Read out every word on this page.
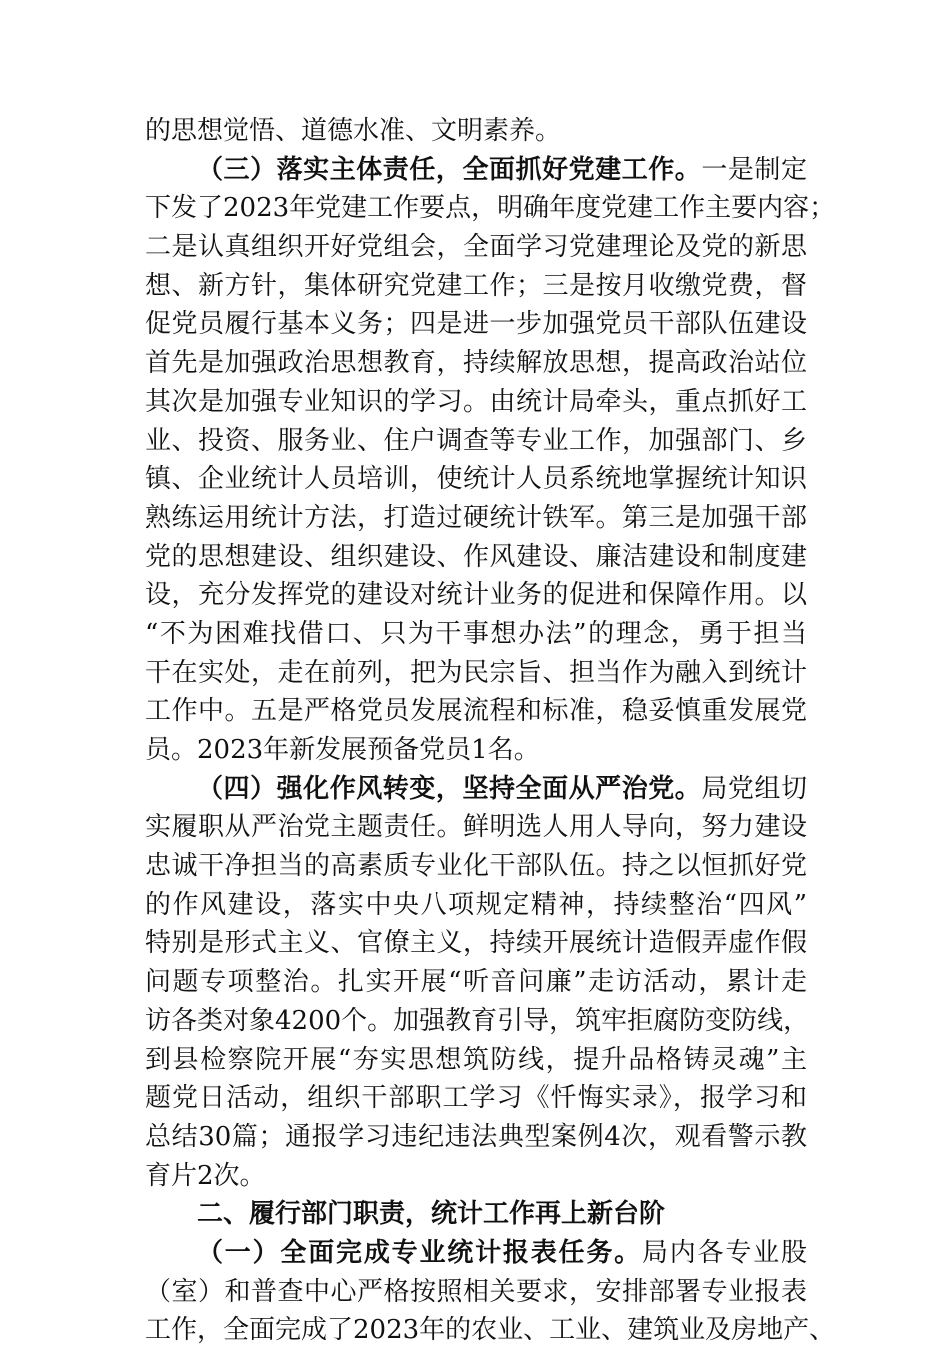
的思想觉悟、道德水准、文明素养。
（三）落实主体责任，全面抓好党建工作。一是制定
下发了2023年党建工作要点，明确年度党建工作主要内容；
二是认真组织开好党组会，全面学习党建理论及党的新思
想、新方针，集体研究党建工作；三是按月收缴党费，督
促党员履行基本义务；四是进一步加强党员干部队伍建设
首先是加强政治思想教育，持续解放思想，提高政治站位
其次是加强专业知识的学习。由统计局牵头，重点抓好工
业、投资、服务业、住户调查等专业工作，加强部门、乡
镇、企业统计人员培训，使统计人员系统地掌握统计知识
熟练运用统计方法，打造过硬统计铁军。第三是加强干部
党的思想建设、组织建设、作风建设、廉洁建设和制度建
设，充分发挥党的建设对统计业务的促进和保障作用。以
“不为困难找借口、只为干事想办法”的理念，勇于担当
干在实处，走在前列，把为民宗旨、担当作为融入到统计
工作中。五是严格党员发展流程和标准，稳妥慎重发展党
员。2023年新发展预备党员1名。
（四）强化作风转变，坚持全面从严治党。局党组切
实履职从严治党主题责任。鲜明选人用人导向，努力建设
忠诚干净担当的高素质专业化干部队伍。持之以恒抓好党
的作风建设，落实中央八项规定精神，持续整治“四风”
特别是形式主义、官僚主义，持续开展统计造假弄虚作假
问题专项整治。扎实开展“听音问廉”走访活动，累计走
访各类对象4200个。加强教育引导，筑牢拒腐防变防线，
到县检察院开展“夯实思想筑防线，提升品格铸灵魂”主
题党日活动，组织干部职工学习《忏悔实录》，报学习和
总结30篇；通报学习违纪违法典型案例4次，观看警示教
育片2次。
二、履行部门职责，统计工作再上新台阶
（一）全面完成专业统计报表任务。局内各专业股
（室）和普查中心严格按照相关要求，安排部署专业报表
工作，全面完成了2023年的农业、工业、建筑业及房地产、
